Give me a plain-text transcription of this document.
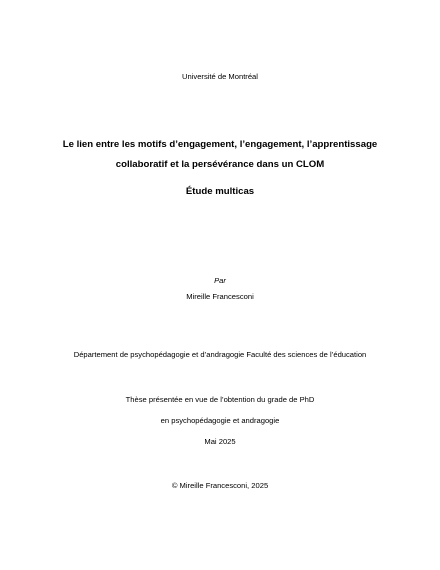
Université de Montréal
Le lien entre les motifs d’engagement, l’engagement, l’apprentissage
collaboratif et la persévérance dans un CLOM
Étude multicas
Par
Mireille Francesconi
Département de psychopédagogie et d’andragogie Faculté des sciences de l’éducation
Thèse présentée en vue de l’obtention du grade de PhD
en psychopédagogie et andragogie
Mai 2025
© Mireille Francesconi, 2025
